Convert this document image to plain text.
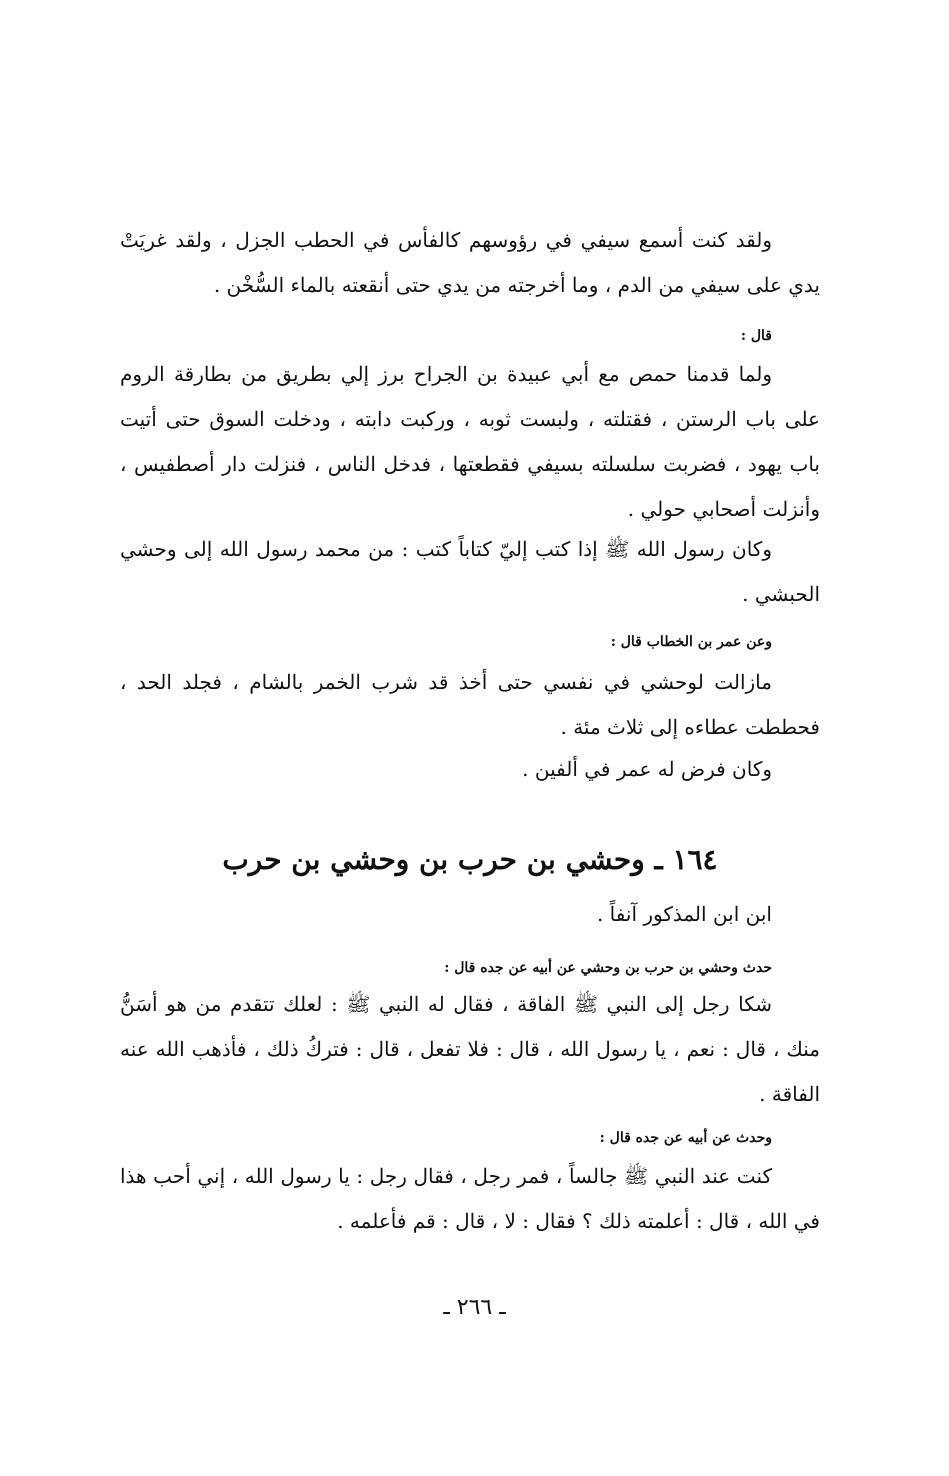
ولقد كنت أسمع سيفي في رؤوسهم كالفأس في الحطب الجزل ، ولقد غريَتْ يدي على سيفي من الدم ، وما أخرجته من يدي حتى أنقعته بالماء السُّخْن .

قال :

ولما قدمنا حمص مع أبي عبيدة بن الجراح برز إلي بطريق من بطارقة الروم على باب الرستن ، فقتلته ، ولبست ثوبه ، وركبت دابته ، ودخلت السوق حتى أتيت باب يهود ، فضربت سلسلته بسيفي فقطعتها ، فدخل الناس ، فنزلت دار أصطفيس ، وأنزلت أصحابي حولي .

وكان رسول الله ﷺ إذا كتب إليّ كتاباً كتب : من محمد رسول الله إلى وحشي الحبشي .

وعن عمر بن الخطاب قال :

مازالت لوحشي في نفسي حتى أخذ قد شرب الخمر بالشام ، فجلد الحد ، فحططت عطاءه إلى ثلاث مئة .

وكان فرض له عمر في ألفين .

١٦٤ ـ وحشي بن حرب بن وحشي بن حرب

ابن ابن المذكور آنفاً .

حدث وحشي بن حرب بن وحشي عن أبيه عن جده قال :

شكا رجل إلى النبي ﷺ الفاقة ، فقال له النبي ﷺ : لعلك تتقدم من هو أسَنُّ منك ، قال : نعم ، يا رسول الله ، قال : فلا تفعل ، قال : فتركُ ذلك ، فأذهب الله عنه الفاقة .

وحدث عن أبيه عن جده قال :

كنت عند النبي ﷺ جالساً ، فمر رجل ، فقال رجل : يا رسول الله ، إني أحب هذا في الله ، قال : أعلمته ذلك ؟ فقال : لا ، قال : قم فأعلمه .

ـ ٢٦٦ ـ
